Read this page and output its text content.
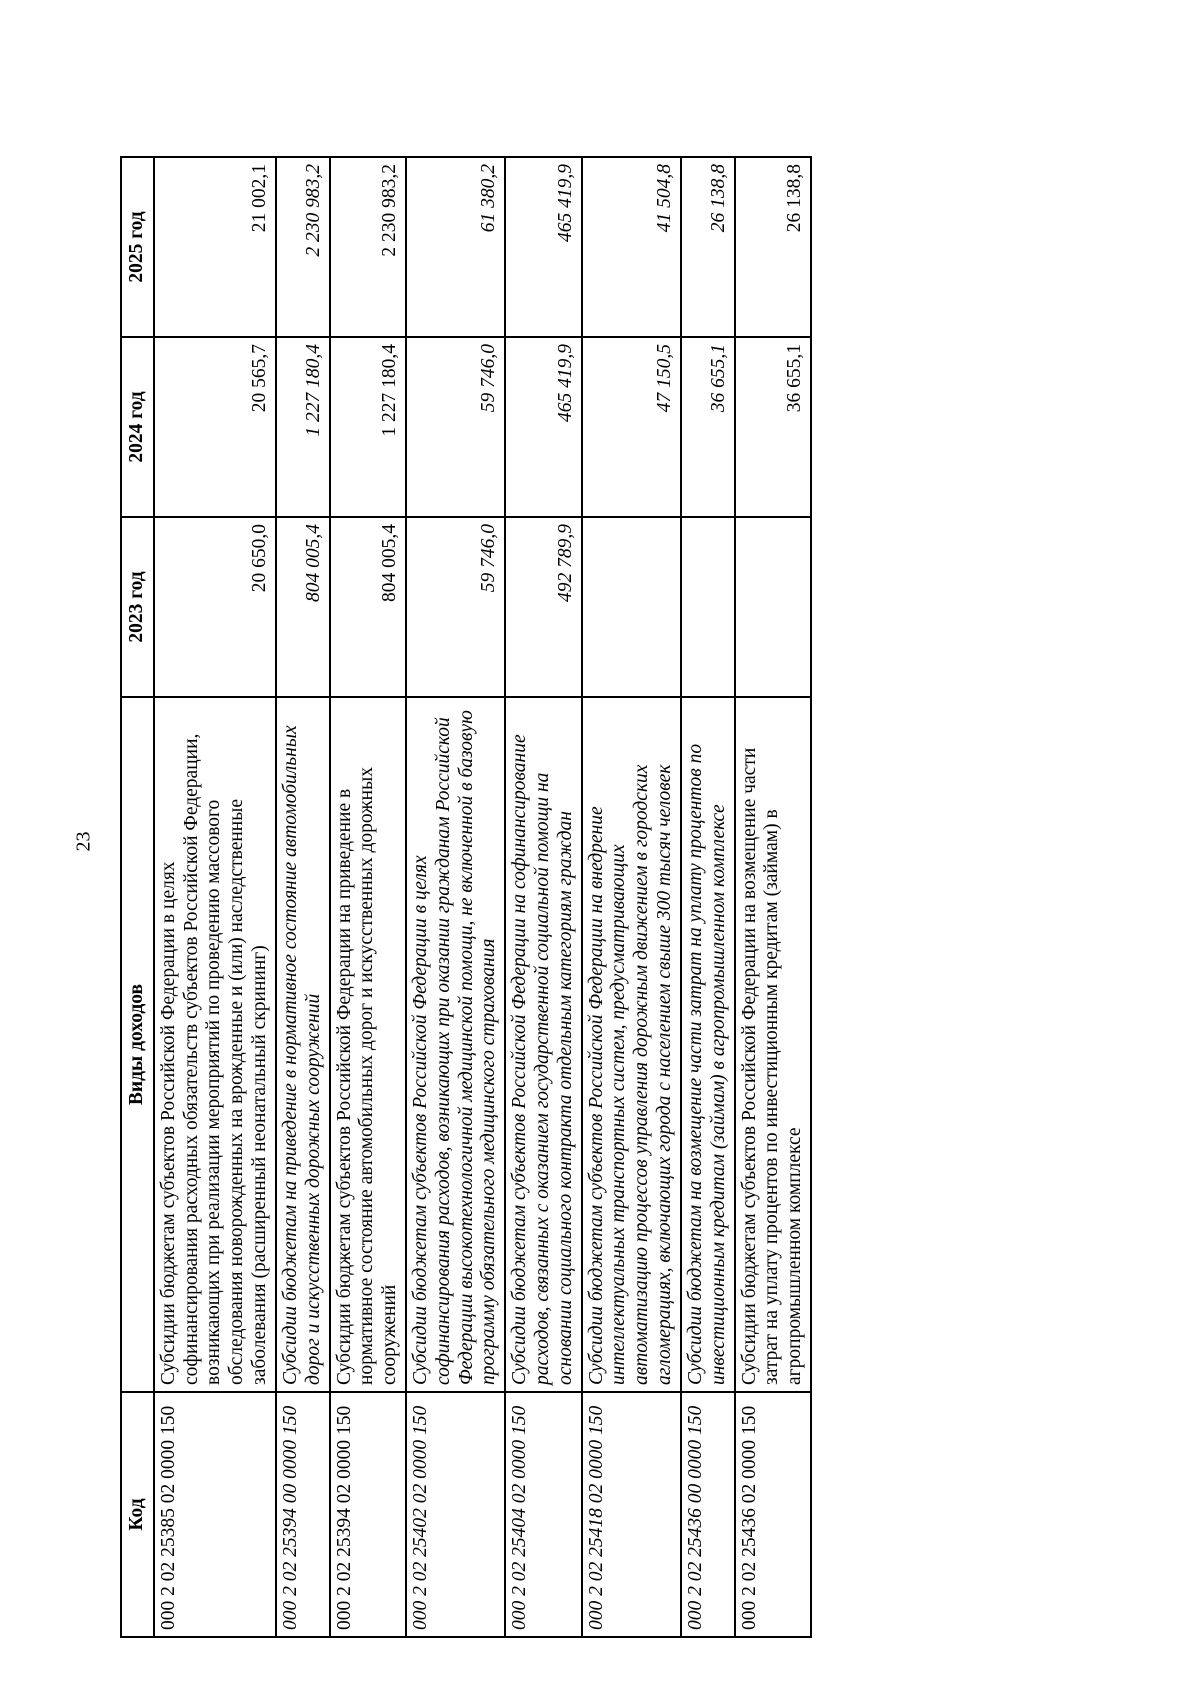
23
Код	Виды доходов	2023 год	2024 год	2025 год
000 2 02 25385 02 0000 150	Субсидии бюджетам субъектов Российской Федерации в целях софинансирования расходных обязательств субъектов Российской Федерации, возникающих при реализации мероприятий по проведению массового обследования новорожденных на врожденные и (или) наследственные заболевания (расширенный неонатальный скрининг)	20 650,0	20 565,7	21 002,1
000 2 02 25394 00 0000 150	Субсидии бюджетам на приведение в нормативное состояние автомобильных дорог и искусственных дорожных сооружений	804 005,4	1 227 180,4	2 230 983,2
000 2 02 25394 02 0000 150	Субсидии бюджетам субъектов Российской Федерации на приведение в нормативное состояние автомобильных дорог и искусственных дорожных сооружений	804 005,4	1 227 180,4	2 230 983,2
000 2 02 25402 02 0000 150	Субсидии бюджетам субъектов Российской Федерации в целях софинансирования расходов, возникающих при оказании гражданам Российской Федерации высокотехнологичной медицинской помощи, не включенной в базовую программу обязательного медицинского страхования	59 746,0	59 746,0	61 380,2
000 2 02 25404 02 0000 150	Субсидии бюджетам субъектов Российской Федерации на софинансирование расходов, связанных с оказанием государственной социальной помощи на основании социального контракта отдельным категориям граждан	492 789,9	465 419,9	465 419,9
000 2 02 25418 02 0000 150	Субсидии бюджетам субъектов Российской Федерации на внедрение интеллектуальных транспортных систем, предусматривающих автоматизацию процессов управления дорожным движением в городских агломерациях, включающих города с населением свыше 300 тысяч человек		47 150,5	41 504,8
000 2 02 25436 00 0000 150	Субсидии бюджетам на возмещение части затрат на уплату процентов по инвестиционным кредитам (займам) в агропромышленном комплексе		36 655,1	26 138,8
000 2 02 25436 02 0000 150	Субсидии бюджетам субъектов Российской Федерации на возмещение части затрат на уплату процентов по инвестиционным кредитам (займам) в агропромышленном комплексе		36 655,1	26 138,8
